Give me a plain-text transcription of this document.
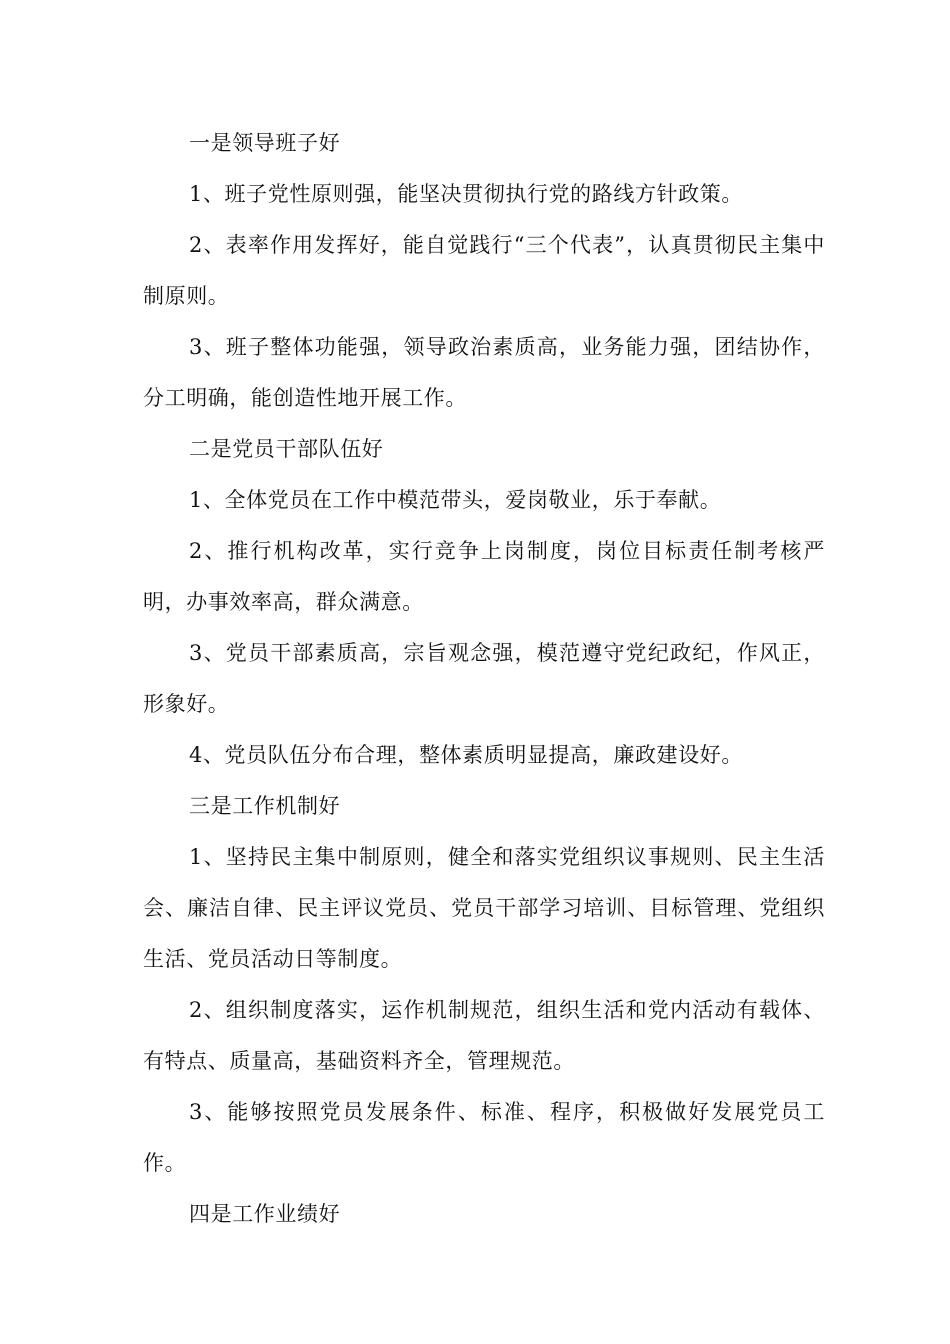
一是领导班子好

1、班子党性原则强，能坚决贯彻执行党的路线方针政策。

2、表率作用发挥好，能自觉践行“三个代表”，认真贯彻民主集中制原则。

3、班子整体功能强，领导政治素质高，业务能力强，团结协作，分工明确，能创造性地开展工作。

二是党员干部队伍好

1、全体党员在工作中模范带头，爱岗敬业，乐于奉献。

2、推行机构改革，实行竞争上岗制度，岗位目标责任制考核严明，办事效率高，群众满意。

3、党员干部素质高，宗旨观念强，模范遵守党纪政纪，作风正，形象好。

4、党员队伍分布合理，整体素质明显提高，廉政建设好。

三是工作机制好

1、坚持民主集中制原则，健全和落实党组织议事规则、民主生活会、廉洁自律、民主评议党员、党员干部学习培训、目标管理、党组织生活、党员活动日等制度。

2、组织制度落实，运作机制规范，组织生活和党内活动有载体、有特点、质量高，基础资料齐全，管理规范。

3、能够按照党员发展条件、标准、程序，积极做好发展党员工作。

四是工作业绩好
